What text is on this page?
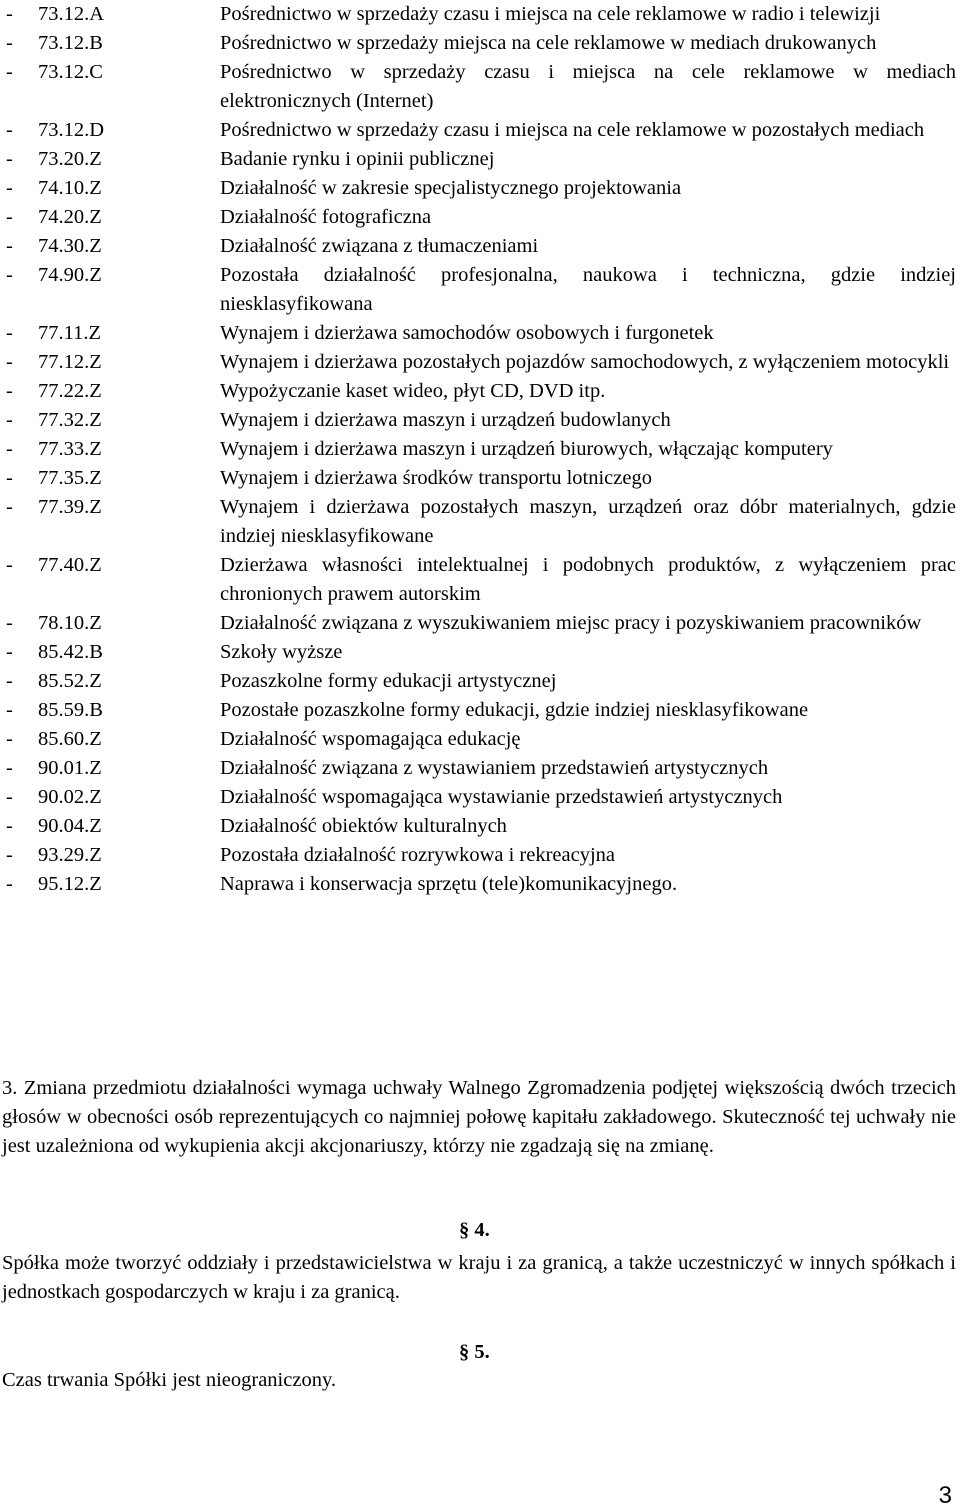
-	73.12.A	Pośrednictwo w sprzedaży czasu i miejsca na cele reklamowe w radio i telewizji
-	73.12.B	Pośrednictwo w sprzedaży miejsca na cele reklamowe w mediach drukowanych
-	73.12.C	Pośrednictwo w sprzedaży czasu i miejsca na cele reklamowe w mediach elektronicznych (Internet)
-	73.12.D	Pośrednictwo w sprzedaży czasu i miejsca na cele reklamowe w pozostałych mediach
-	73.20.Z	Badanie rynku i opinii publicznej
-	74.10.Z	Działalność w zakresie specjalistycznego projektowania
-	74.20.Z	Działalność fotograficzna
-	74.30.Z	Działalność związana z tłumaczeniami
-	74.90.Z	Pozostała działalność profesjonalna, naukowa i techniczna, gdzie indziej niesklasyfikowana
-	77.11.Z	Wynajem i dzierżawa samochodów osobowych i furgonetek
-	77.12.Z	Wynajem i dzierżawa pozostałych pojazdów samochodowych, z wyłączeniem motocykli
-	77.22.Z	Wypożyczanie kaset wideo, płyt CD, DVD itp.
-	77.32.Z	Wynajem i dzierżawa maszyn i urządzeń budowlanych
-	77.33.Z	Wynajem i dzierżawa maszyn i urządzeń biurowych, włączając komputery
-	77.35.Z	Wynajem i dzierżawa środków transportu lotniczego
-	77.39.Z	Wynajem i dzierżawa pozostałych maszyn, urządzeń oraz dóbr materialnych, gdzie indziej niesklasyfikowane
-	77.40.Z	Dzierżawa własności intelektualnej i podobnych produktów, z wyłączeniem prac chronionych prawem autorskim
-	78.10.Z	Działalność związana z wyszukiwaniem miejsc pracy i pozyskiwaniem pracowników
-	85.42.B	Szkoły wyższe
-	85.52.Z	Pozaszkolne formy edukacji artystycznej
-	85.59.B	Pozostałe pozaszkolne formy edukacji, gdzie indziej niesklasyfikowane
-	85.60.Z	Działalność wspomagająca edukację
-	90.01.Z	Działalność związana z wystawianiem przedstawień artystycznych
-	90.02.Z	Działalność wspomagająca wystawianie przedstawień artystycznych
-	90.04.Z	Działalność obiektów kulturalnych
-	93.29.Z	Pozostała działalność rozrywkowa i rekreacyjna
-	95.12.Z	Naprawa i konserwacja sprzętu (tele)komunikacyjnego.
3. Zmiana przedmiotu działalności wymaga uchwały Walnego Zgromadzenia podjętej większością dwóch trzecich głosów w obecności osób reprezentujących co najmniej połowę kapitału zakładowego. Skuteczność tej uchwały nie jest uzależniona od wykupienia akcji akcjonariuszy, którzy nie zgadzają się na zmianę.
§ 4.
Spółka może tworzyć oddziały i przedstawicielstwa w kraju i za granicą, a także uczestniczyć w innych spółkach i jednostkach gospodarczych w kraju i za granicą.
§ 5.
Czas trwania Spółki jest nieograniczony.
3
